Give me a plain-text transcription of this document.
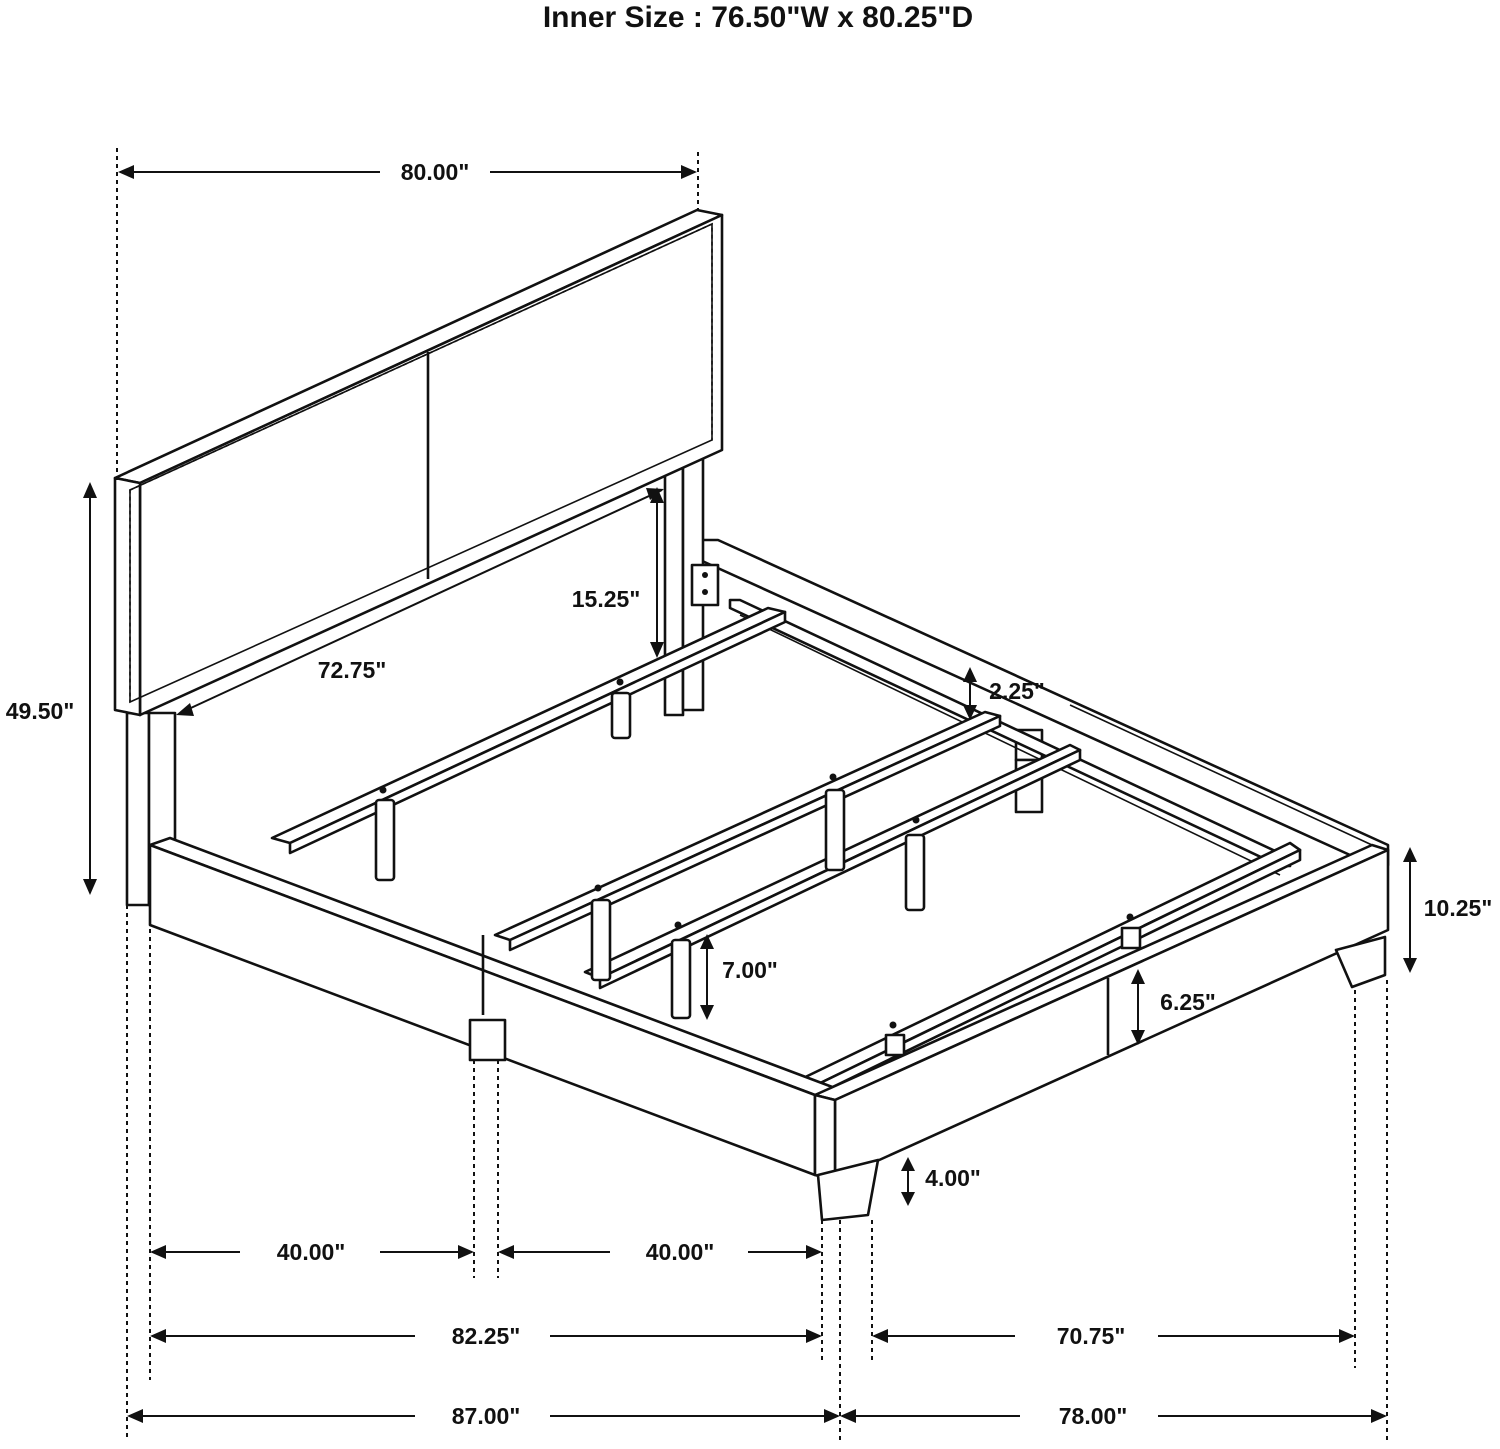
Inner Size : 76.50"W x 80.25"D
80.00"
49.50"
15.25"
72.75"
2.25"
10.25"
7.00"
6.25"
4.00"
40.00"	40.00"
82.25"	70.75"
87.00"	78.00"
